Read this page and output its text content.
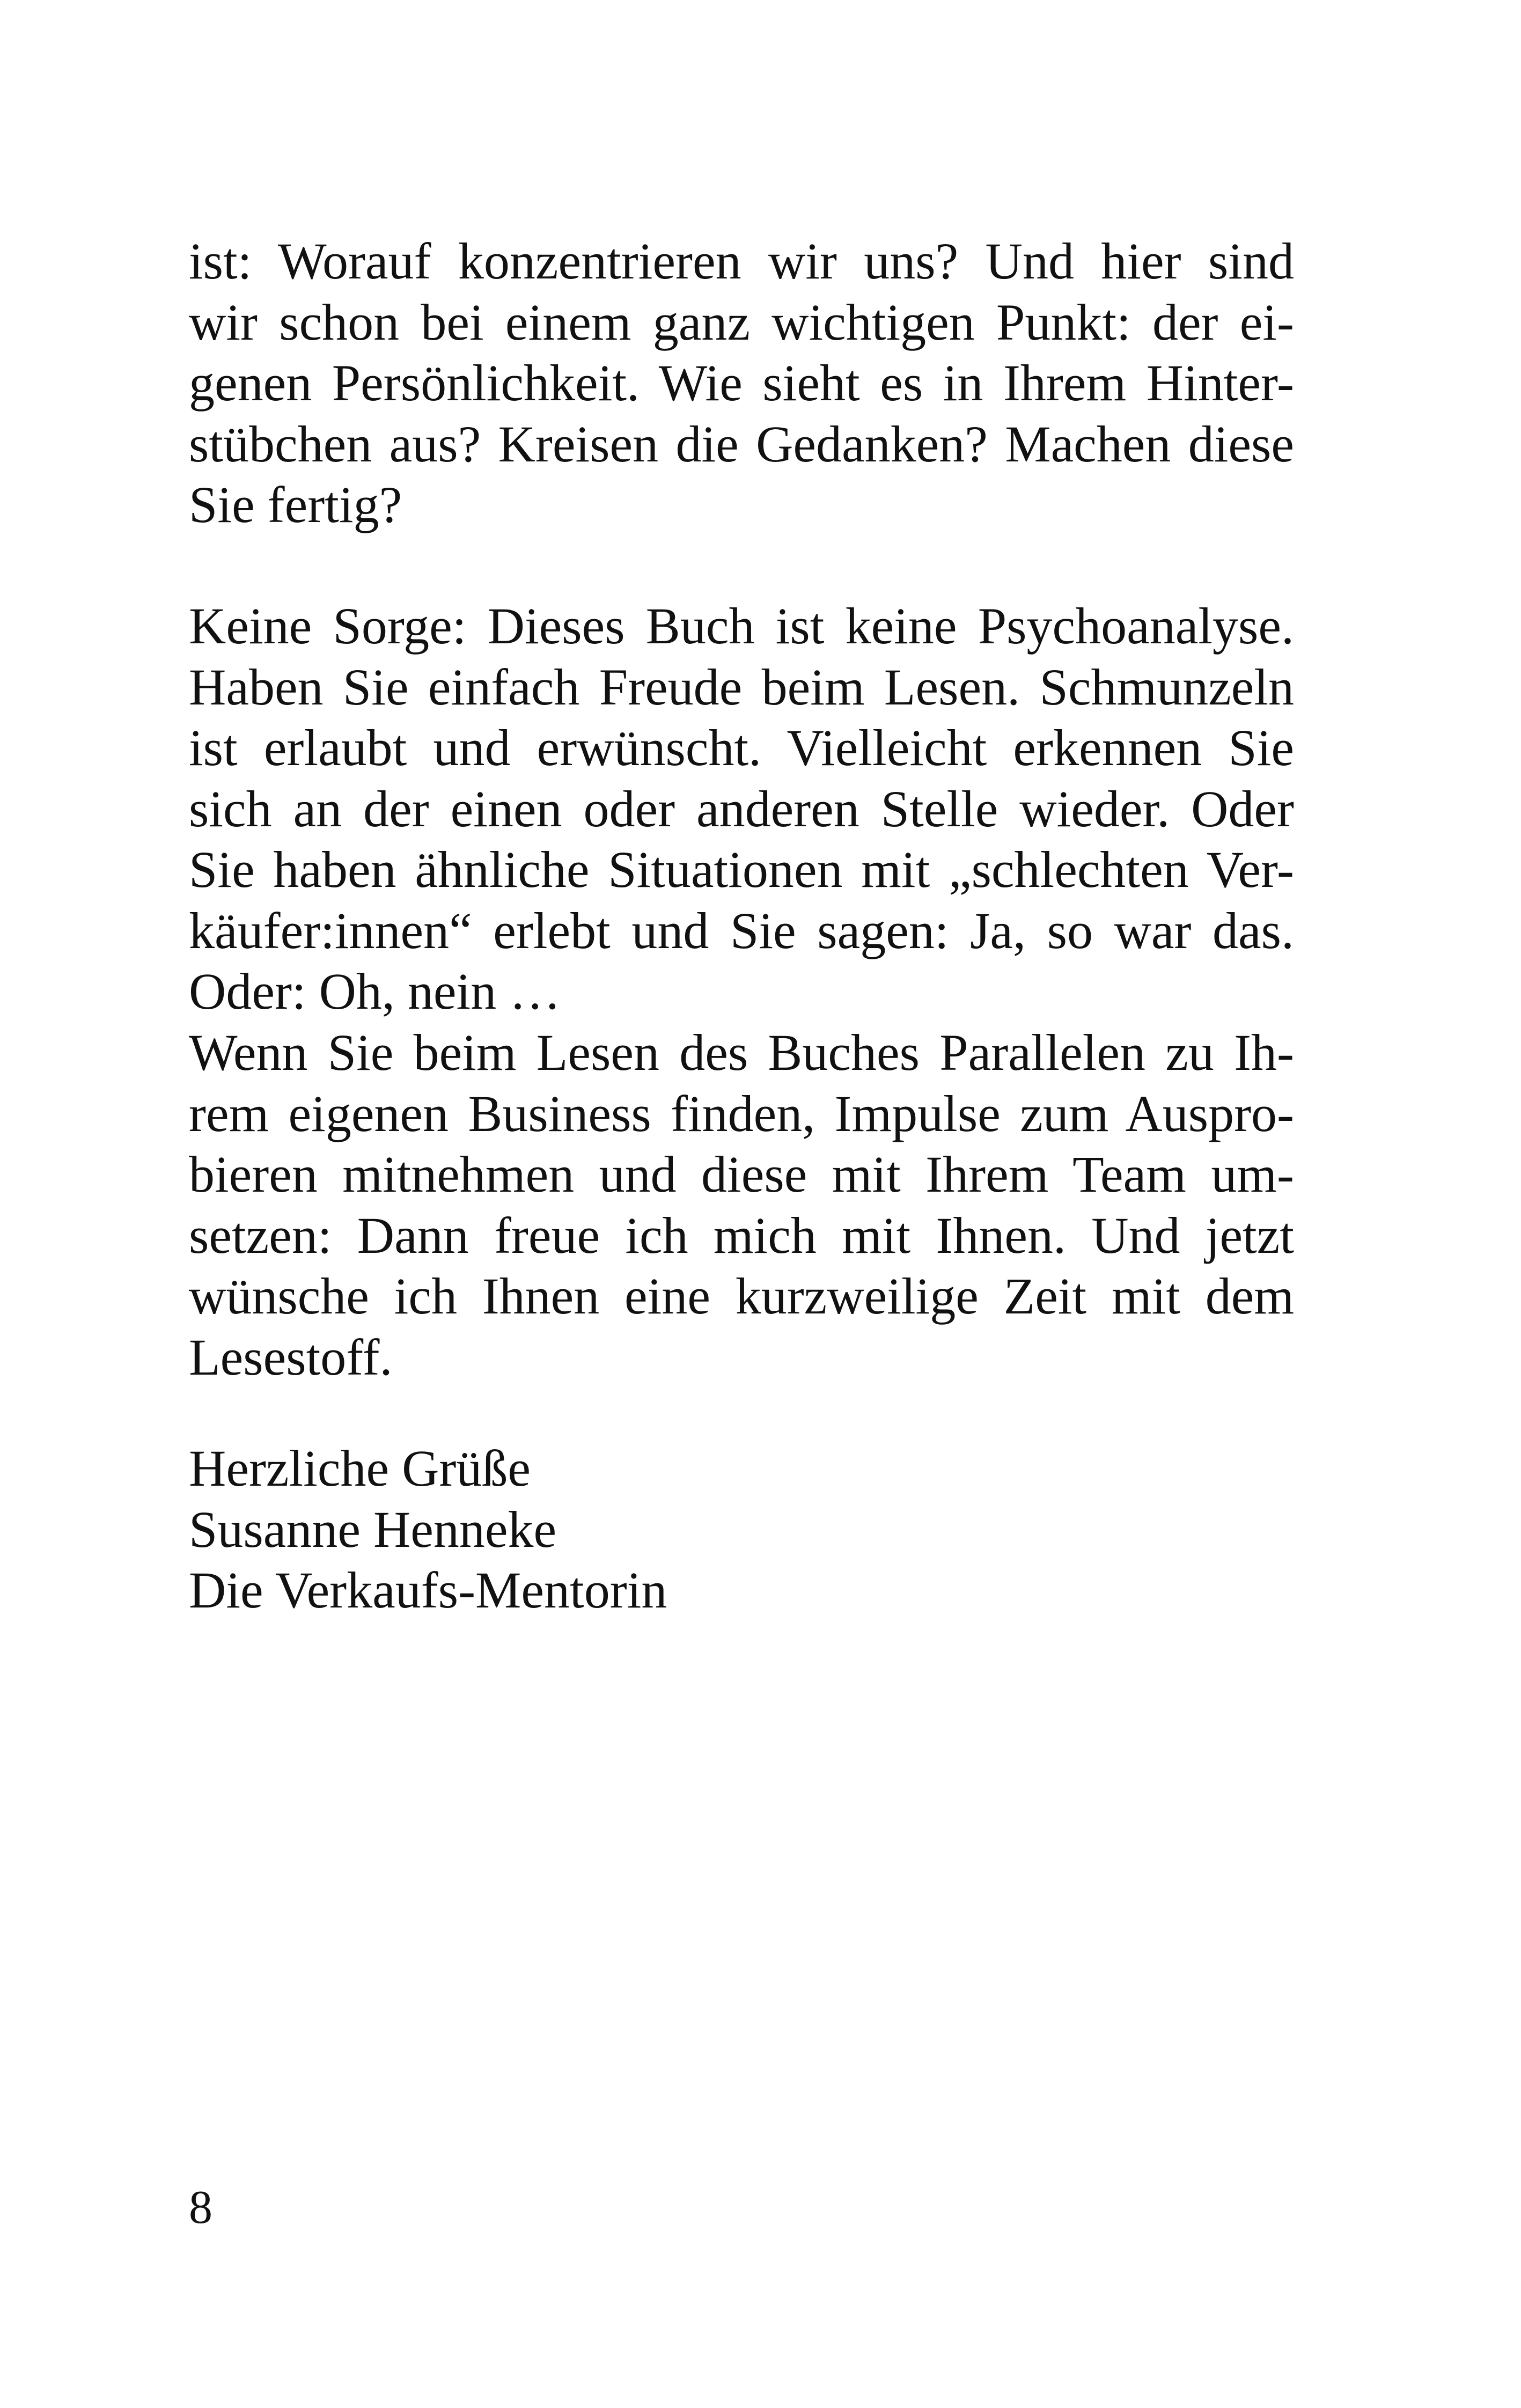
ist: Worauf konzentrieren wir uns? Und hier sind
wir schon bei einem ganz wichtigen Punkt: der ei-
genen Persönlichkeit. Wie sieht es in Ihrem Hinter-
stübchen aus? Kreisen die Gedanken? Machen diese
Sie fertig?
Keine Sorge: Dieses Buch ist keine Psychoanalyse.
Haben Sie einfach Freude beim Lesen. Schmunzeln
ist erlaubt und erwünscht. Vielleicht erkennen Sie
sich an der einen oder anderen Stelle wieder. Oder
Sie haben ähnliche Situationen mit „schlechten Ver-
käufer:innen“ erlebt und Sie sagen: Ja, so war das.
Oder: Oh, nein …
Wenn Sie beim Lesen des Buches Parallelen zu Ih-
rem eigenen Business finden, Impulse zum Auspro-
bieren mitnehmen und diese mit Ihrem Team um-
setzen: Dann freue ich mich mit Ihnen. Und jetzt
wünsche ich Ihnen eine kurzweilige Zeit mit dem
Lesestoff.
Herzliche Grüße
Susanne Henneke
Die Verkaufs-Mentorin
8
